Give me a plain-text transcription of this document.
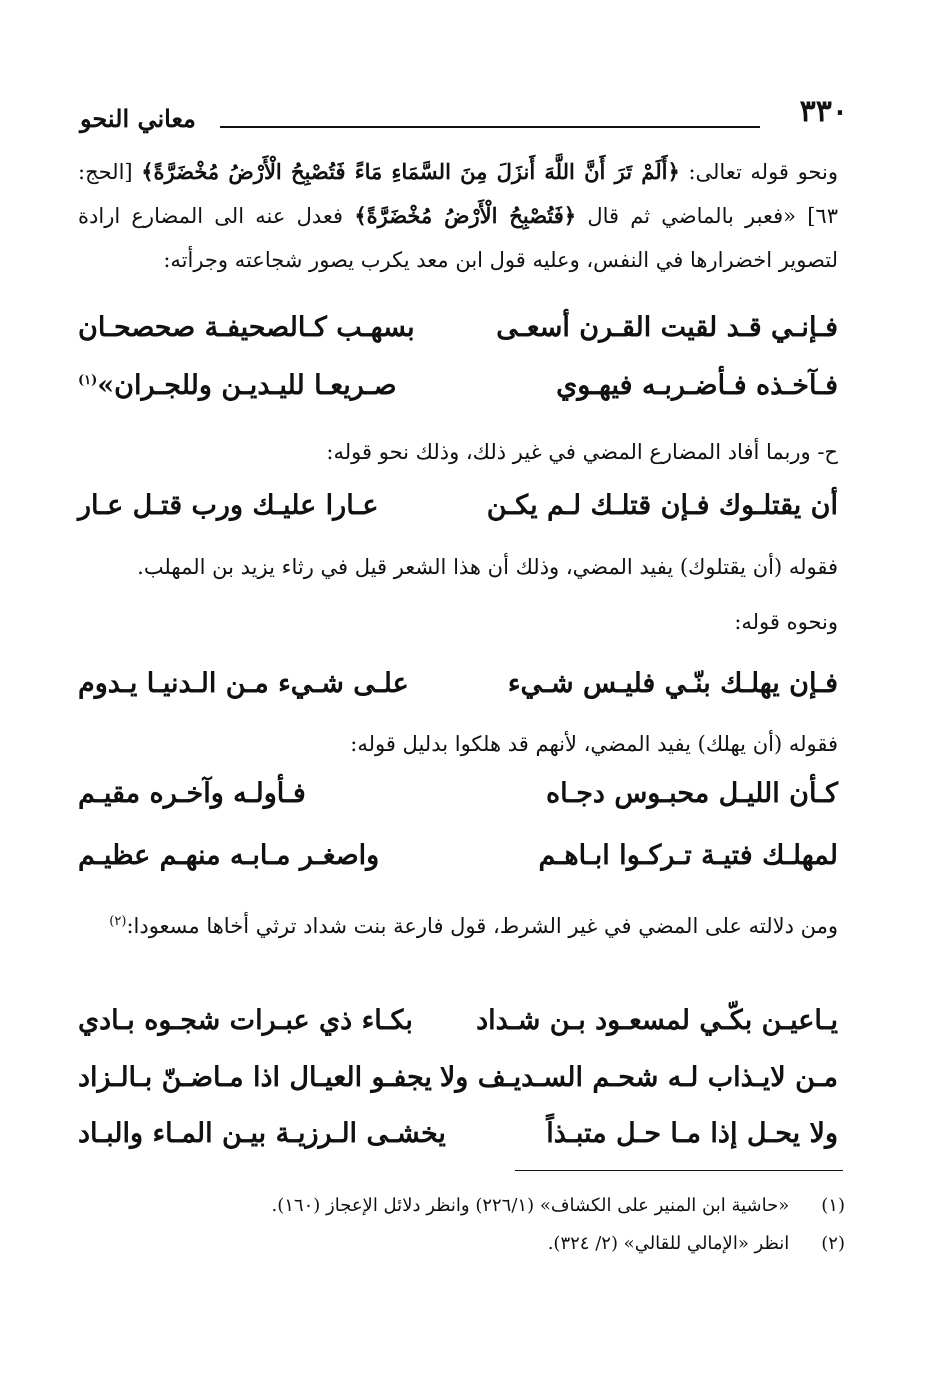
٣٣٠
معاني النحو

ونحو قوله تعالى: ﴿أَلَمْ تَرَ أَنَّ اللَّهَ أَنزَلَ مِنَ السَّمَاءِ مَاءً فَتُصْبِحُ الْأَرْضُ مُخْضَرَّةً﴾ [الحج: ٦٣] «فعبر بالماضي ثم قال ﴿فَتُصْبِحُ الْأَرْضُ مُخْضَرَّةً﴾ فعدل عنه الى المضارع ارادة لتصوير اخضرارها في النفس، وعليه قول ابن معد يكرب يصور شجاعته وجرأته:

فـإنـي قـد لقيت القـرن أسعـى
بسهـب كـالصحيفـة صحصحـان
فـآخـذه فـأضـربـه فيهـوي
صـريعـا لليـديـن وللجـران»$^{(١)}$

ح- وربما أفاد المضارع المضي في غير ذلك، وذلك نحو قوله:

أن يقتلـوك فـإن قتلـك لـم يكـن
عـارا عليـك ورب قتـل عـار

فقوله (أن يقتلوك) يفيد المضي، وذلك أن هذا الشعر قيل في رثاء يزيد بن المهلب.

ونحوه قوله:

فـإن يهلـك بنّـي فليـس شـيء
علـى شـيء مـن الـدنيـا يـدوم

فقوله (أن يهلك) يفيد المضي، لأنهم قد هلكوا بدليل قوله:

كـأن الليـل محبـوس دجـاه
فـأولـه وآخـره مقيـم
لمهلـك فتيـة تـركـوا ابـاهـم
واصغـر مـابـه منهـم عظيـم

ومن دلالته على المضي في غير الشرط، قول فارعة بنت شداد ترثي أخاها مسعودا:$^{(٢)}$

يـاعيـن بكّـي لمسعـود بـن شـداد
بكـاء ذي عبـرات شجـوه بـادي
مـن لايـذاب لـه شحـم السـديـف ولا
يجفـو العيـال اذا مـاضـنّ بـالـزاد
ولا يحـل إذا مـا حـل متبـذاً
يخشـى الـرزيـة بيـن المـاء والبـاد
(١) «حاشية ابن المنير على الكشاف» (٢٢٦/١) وانظر دلائل الإعجاز (١٦٠).
(٢) انظر «الإمالي للقالي» (٢/ ٣٢٤).
